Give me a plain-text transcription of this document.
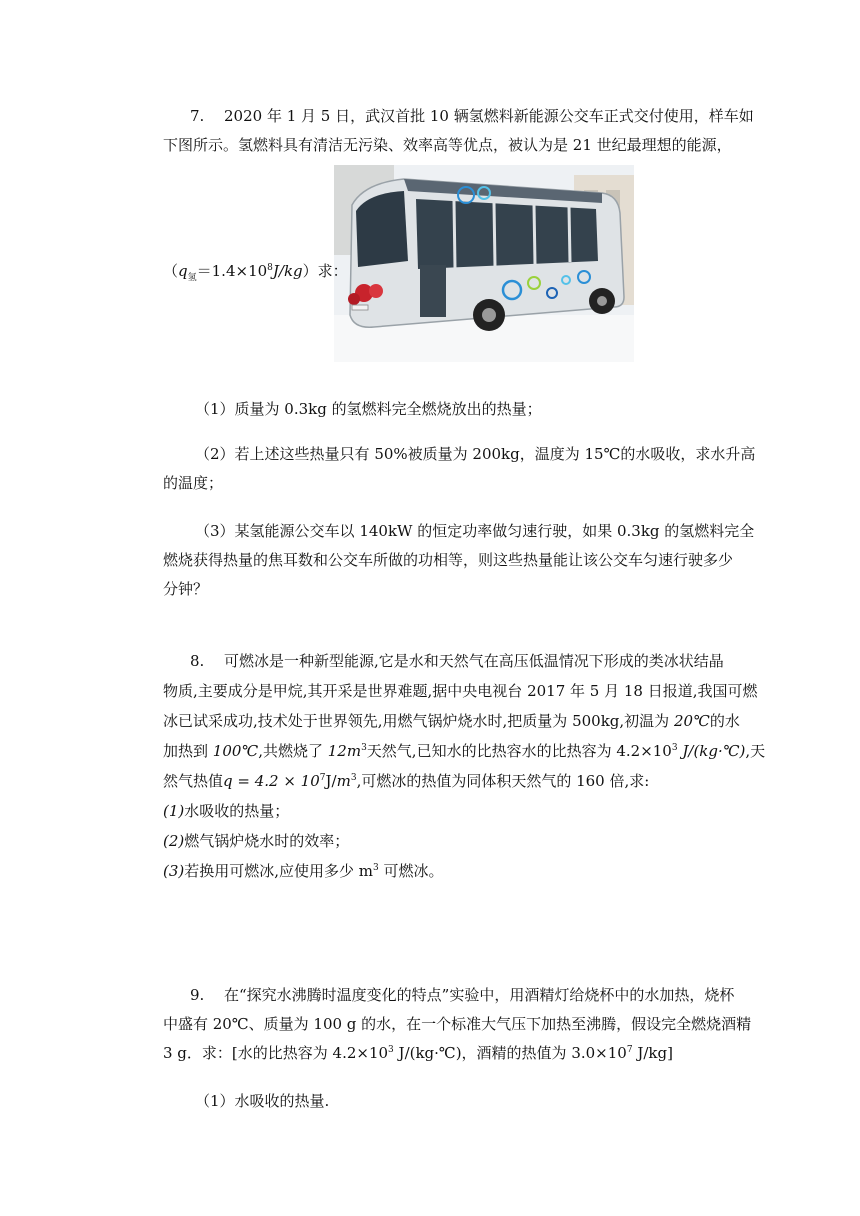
7. 2020 年 1 月 5 日，武汉首批 10 辆氢燃料新能源公交车正式交付使用，样车如
下图所示。氢燃料具有清洁无污染、效率高等优点，被认为是 21 世纪最理想的能源，
$(q_氢=1.4\times 10^8J/kg)$求：
（1）质量为 0.3kg 的氢燃料完全燃烧放出的热量；
（2）若上述这些热量只有 50%被质量为 200kg，温度为 15℃的水吸收，求水升高
的温度；
（3）某氢能源公交车以 140kW 的恒定功率做匀速行驶，如果 0.3kg 的氢燃料完全
燃烧获得热量的焦耳数和公交车所做的功相等，则这些热量能让该公交车匀速行驶多少
分钟？
8. 可燃冰是一种新型能源,它是水和天然气在高压低温情况下形成的类冰状结晶
物质,主要成分是甲烷,其开采是世界难题,据中央电视台 2017 年 5 月 18 日报道,我国可燃
冰已试采成功,技术处于世界领先,用燃气锅炉烧水时,把质量为 500kg,初温为 20℃的水
加热到 100℃,共燃烧了 $12m^3$天然气,已知水的比热容水的比热容为 $4.2\times 10^3$ J/(kg·℃),天
然气热值$q = 4.2 \times 10^7J/m^3$,可燃冰的热值为同体积天然气的 160 倍,求:
(1)水吸收的热量；
(2)燃气锅炉烧水时的效率；
(3)若换用可燃冰,应使用多少 $m^3$ 可燃冰。
9. 在“探究水沸腾时温度变化的特点”实验中，用酒精灯给烧杯中的水加热，烧杯
中盛有 20℃、质量为 100 g 的水，在一个标准大气压下加热至沸腾，假设完全燃烧酒精
3 g．求：[水的比热容为 $4.2\times 10^3$ J/(kg·℃)，酒精的热值为 $3.0\times 10^7$ J/kg]
（1）水吸收的热量.
